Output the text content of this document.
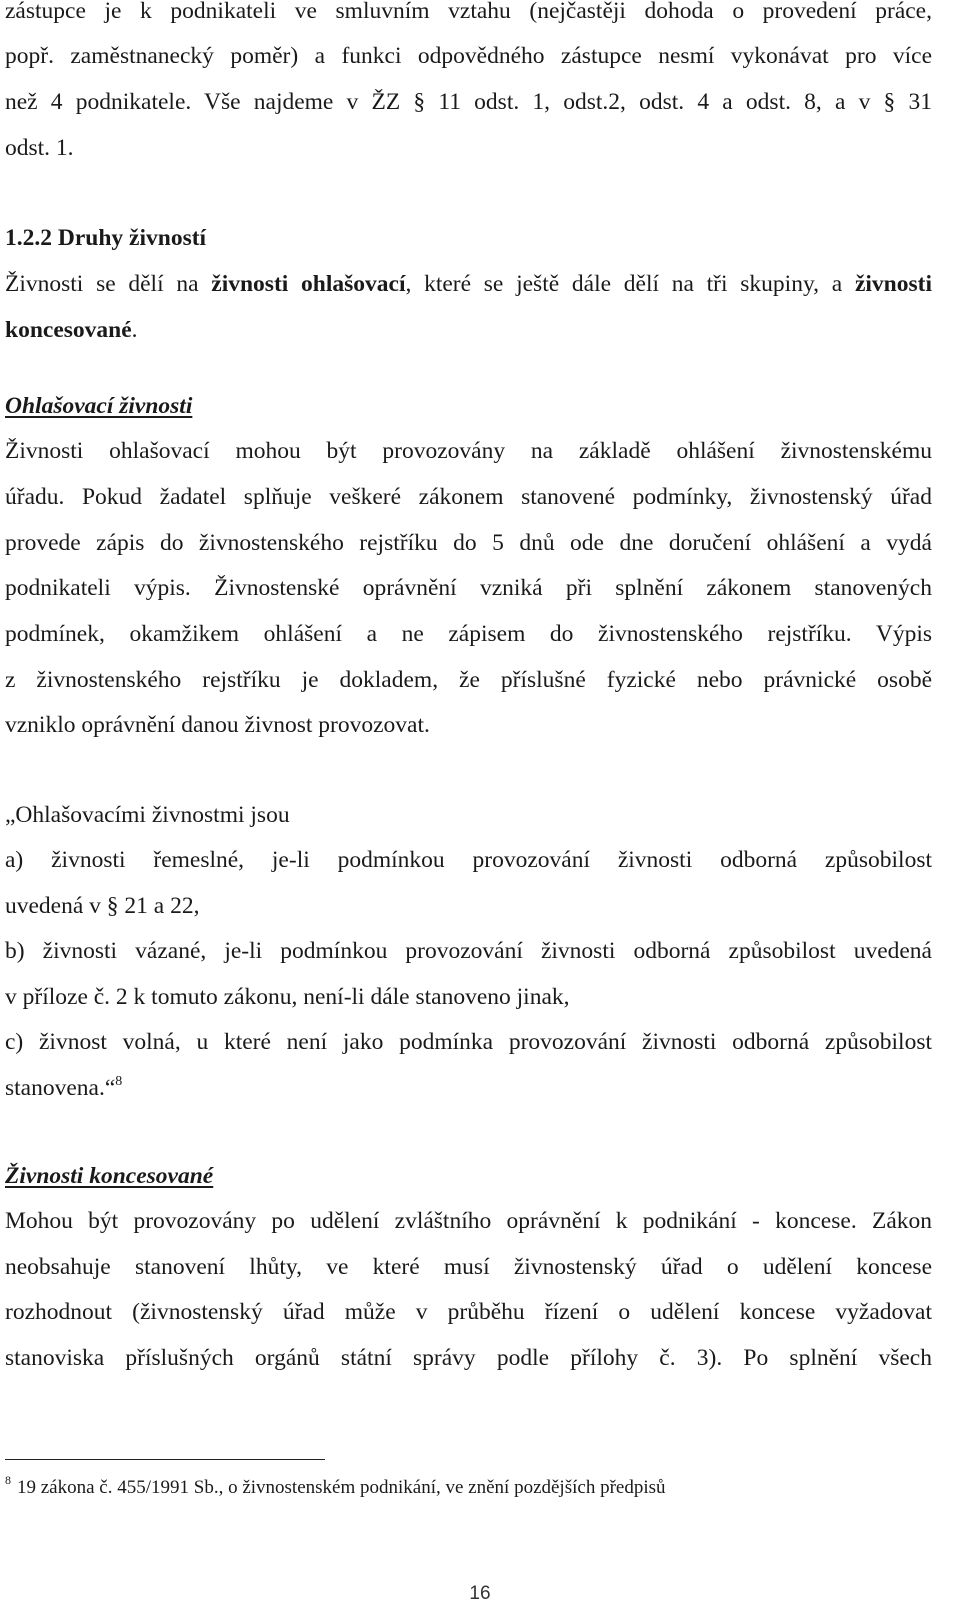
zástupce je k podnikateli ve smluvním vztahu (nejčastěji dohoda o provedení práce,
popř. zaměstnanecký poměr) a funkci odpovědného zástupce nesmí vykonávat pro více
než 4 podnikatele. Vše najdeme v ŽZ § 11 odst. 1, odst.2, odst. 4 a odst. 8, a v § 31
odst. 1.
1.2.2 Druhy živností
Živnosti se dělí na živnosti ohlašovací, které se ještě dále dělí na tři skupiny, a živnosti
koncesované.
Ohlašovací živnosti
Živnosti ohlašovací mohou být provozovány na základě ohlášení živnostenskému
úřadu. Pokud žadatel splňuje veškeré zákonem stanovené podmínky, živnostenský úřad
provede zápis do živnostenského rejstříku do 5 dnů ode dne doručení ohlášení a vydá
podnikateli výpis. Živnostenské oprávnění vzniká při splnění zákonem stanovených
podmínek, okamžikem ohlášení a ne zápisem do živnostenského rejstříku. Výpis
z živnostenského rejstříku je dokladem, že příslušné fyzické nebo právnické osobě
vzniklo oprávnění danou živnost provozovat.
„Ohlašovacími živnostmi jsou
a) živnosti řemeslné, je-li podmínkou provozování živnosti odborná způsobilost
uvedená v § 21 a 22,
b) živnosti vázané, je-li podmínkou provozování živnosti odborná způsobilost uvedená
v příloze č. 2 k tomuto zákonu, není-li dále stanoveno jinak,
c) živnost volná, u které není jako podmínka provozování živnosti odborná způsobilost
stanovena.“$^8$
Živnosti koncesované
Mohou být provozovány po udělení zvláštního oprávnění k podnikání - koncese. Zákon
neobsahuje stanovení lhůty, ve které musí živnostenský úřad o udělení koncese
rozhodnout (živnostenský úřad může v průběhu řízení o udělení koncese vyžadovat
stanoviska příslušných orgánů státní správy podle přílohy č. 3). Po splnění všech
$^8$ 19 zákona č. 455/1991 Sb., o živnostenském podnikání, ve znění pozdějších předpisů
16
